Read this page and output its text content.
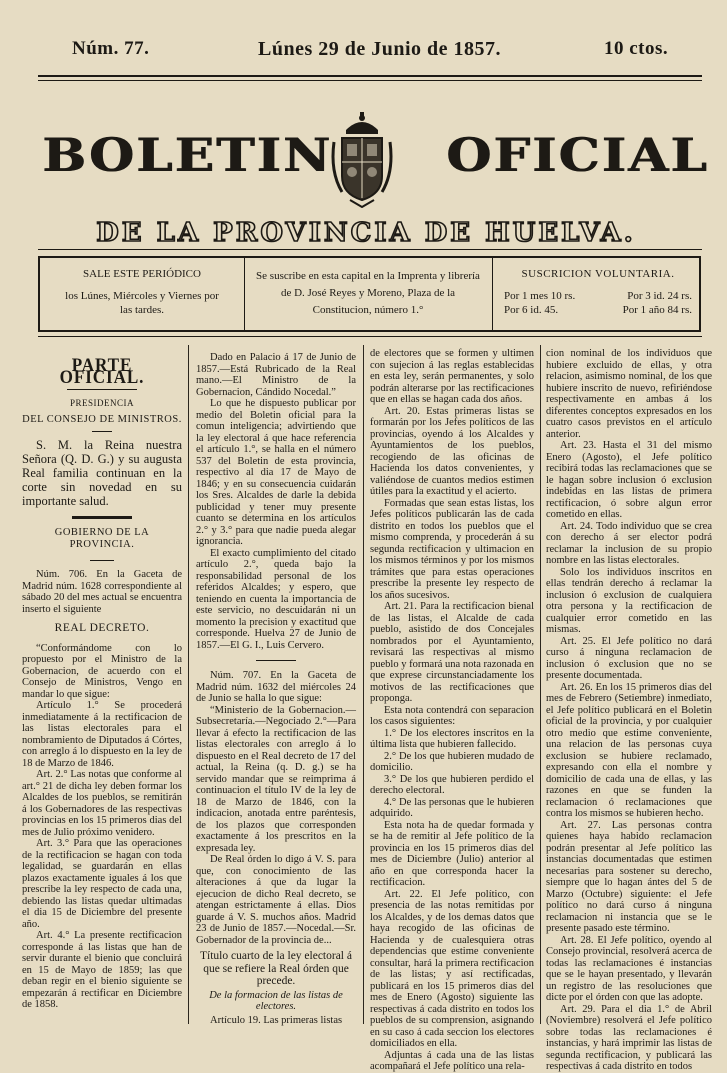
Núm. 77.	Lúnes 29 de Junio de 1857.	10 ctos.
BOLETIN OFICIAL
DE LA PROVINCIA DE HUELVA.
SALE ESTE PERIÓDICO
los Lúnes, Miércoles y Viernes por las tardes.
Se suscribe en esta capital en la Imprenta y librería de D. José Reyes y Moreno, Plaza de la Constitucion, número 1.°
SUSCRICION VOLUNTARIA.
Por 1 mes 10 rs.	Por 3 id. 24 rs.
Por 6 id. 45.	Por 1 año 84 rs.
PARTE OFICIAL.

PRESIDENCIA

DEL CONSEJO DE MINISTROS.

S. M. la Reina nuestra Señora (Q. D. G.) y su augusta Real familia continuan en la corte sin novedad en su importante salud.

GOBIERNO DE LA PROVINCIA.

Núm. 706. En la Gaceta de Madrid núm. 1628 correspondiente al sábado 20 del mes actual se encuentra inserto el siguiente

REAL DECRETO.

“Conformándome con lo propuesto por el Ministro de la Gobernacion, de acuerdo con el Consejo de Ministros, Vengo en mandar lo que sigue:

Artículo 1.° Se procederá inmediatamente á la rectificacion de las listas electorales para el nombramiento de Diputados á Córtes, con arreglo á lo dispuesto en la ley de 18 de Marzo de 1846.

Art. 2.° Las notas que conforme al art.° 21 de dicha ley deben formar los Alcaldes de los pueblos, se remitirán á los Gobernadores de las respectivas provincias en los 15 primeros dias del mes de Julio próximo venidero.

Art. 3.° Para que las operaciones de la rectificacion se hagan con toda legalidad, se guardarán en ellas plazos exactamente iguales á los que prescribe la ley respecto de cada una, debiendo las listas quedar ultimadas el dia 15 de Diciembre del presente año.

Art. 4.° La presente rectificacion corresponde á las listas que han de servir durante el bienio que concluirá en 15 de Mayo de 1859; las que deban regir en el bienio siguiente se empezarán á rectificar en Diciembre de 1858.

Dado en Palacio á 17 de Junio de 1857.—Está Rubricado de la Real mano.—El Ministro de la Gobernacion, Cándido Nocedal.”

Lo que he dispuesto publicar por medio del Boletin oficial para la comun inteligencia; advirtiendo que la ley electoral á que hace referencia el artículo 1.°, se halla en el número 537 del Boletin de esta provincia, respectivo al dia 17 de Mayo de 1846; y en su consecuencia cuidarán los Sres. Alcaldes de darle la debida publicidad y tener muy presente cuanto se determina en los artículos 2.° y 3.° para que nadie pueda alegar ignorancia.

El exacto cumplimiento del citado artículo 2.°, queda bajo la responsabilidad personal de los referidos Alcaldes; y espero, que teniendo en cuenta la importancia de este servicio, no descuidarán ni un momento la precision y exactitud que corresponde. Huelva 27 de Junio de 1857.—El G. I., Luis Cervero.

Núm. 707. En la Gaceta de Madrid núm. 1632 del miércoles 24 de Junio se halla lo que sigue:

“Ministerio de la Gobernacion.—Subsecretaría.—Negociado 2.°—Para llevar á efecto la rectificacion de las listas electorales con arreglo á lo dispuesto en el Real decreto de 17 del actual, la Reina (q. D. g.) se ha servido mandar que se reimprima á continuacion el título IV de la ley de 18 de Marzo de 1846, con la indicacion, anotada entre paréntesis, de los plazos que corresponden exactamente á los prescritos en la expresada ley.

De Real órden lo digo á V. S. para que, con conocimiento de las alteraciones á que da lugar la ejecucion de dicho Real decreto, se atengan estrictamente á ellas. Dios guarde á V. S. muchos años. Madrid 23 de Junio de 1857.—Nocedal.—Sr. Gobernador de la provincia de...

Título cuarto de la ley electoral á que se refiere la Real órden que precede.

De la formacion de las listas de electores.

Artículo 19. Las primeras listas

de electores que se formen y ultimen con sujecion á las reglas establecidas en esta ley, serán permanentes, y solo podrán alterarse por las rectificaciones que en ellas se hagan cada dos años.

Art. 20. Estas primeras listas se formarán por los Jefes políticos de las provincias, oyendo á los Alcaldes y Ayuntamientos de los pueblos, recogiendo de las oficinas de Hacienda los datos convenientes, y valiéndose de cuantos medios estimen útiles para la exactitud y el acierto.

Formadas que sean estas listas, los Jefes políticos publicarán las de cada distrito en todos los pueblos que el mismo comprenda, y procederán á su segunda rectificacion y ultimacion en los mismos términos y por los mismos trámites que para estas operaciones prescribe la presente ley respecto de los años sucesivos.

Art. 21. Para la rectificacion bienal de las listas, el Alcalde de cada pueblo, asistido de dos Concejales nombrados por el Ayuntamiento, revisará las respectivas al mismo pueblo y formará una nota razonada en que exprese circunstanciadamente los motivos de las rectificaciones que proponga.

Esta nota contendrá con separacion los casos siguientes:

1.° De los electores inscritos en la última lista que hubieren fallecido.

2.° De los que hubieren mudado de domicilio.

3.° De los que hubieren perdido el derecho electoral.

4.° De las personas que le hubieren adquirido.

Esta nota ha de quedar formada y se ha de remitir al Jefe político de la provincia en los 15 primeros dias del mes de Diciembre (Julio) anterior al año en que corresponda hacer la rectificacion.

Art. 22. El Jefe político, con presencia de las notas remitidas por los Alcaldes, y de los demas datos que haya recogido de las oficinas de Hacienda y de cualesquiera otras dependencias que estime conveniente consultar, hará la primera rectificacion de las listas; y así rectificadas, publicará en los 15 primeros dias del mes de Enero (Agosto) siguiente las respectivas á cada distrito en todos los pueblos de su comprension, asignando en su caso á cada seccion los electores domiciliados en ella.

Adjuntas á cada una de las listas acompañará el Jefe político una rela-

cion nominal de los individuos que hubiere excluido de ellas, y otra relacion, asimismo nominal, de los que hubiere inscrito de nuevo, refiriéndose respectivamente en ambas á los diferentes conceptos expresados en los cuatro casos previstos en el artículo anterior.

Art. 23. Hasta el 31 del mismo Enero (Agosto), el Jefe político recibirá todas las reclamaciones que se le hagan sobre inclusion ó exclusion indebidas en las listas de primera rectificacion, ó sobre algun error cometido en ellas.

Art. 24. Todo individuo que se crea con derecho á ser elector podrá reclamar la inclusion de su propio nombre en las listas electorales.

Solo los individuos inscritos en ellas tendrán derecho á reclamar la inclusion ó exclusion de cualquiera otra persona y la rectificacion de cualquier error cometido en las mismas.

Art. 25. El Jefe político no dará curso á ninguna reclamacion de inclusion ó exclusion que no se presente documentada.

Art. 26. En los 15 primeros dias del mes de Febrero (Setiembre) inmediato, el Jefe político publicará en el Boletin oficial de la provincia, y por cualquier otro medio que estime conveniente, una relacion de las personas cuya exclusion se hubiere reclamado, expresando con ella el nombre y domicilio de cada una de ellas, y las razones en que se funden la reclamacion ó reclamaciones que contra los mismos se hubieren hecho.

Art. 27. Las personas contra quienes haya habido reclamacion podrán presentar al Jefe político las instancias documentadas que estimen necesarias para sostener su derecho, siempre que lo hagan ántes del 5 de Marzo (Octubre) siguiente: el Jefe político no dará curso á ninguna reclamacion ni instancia que se le presente pasado este término.

Art. 28. El Jefe político, oyendo al Consejo provincial, resolverá acerca de todas las reclamaciones é instancias que se le hayan presentado, y llevarán un registro de las resoluciones que dicte por el órden con que las adopte.

Art. 29. Para el dia 1.° de Abril (Noviembre) resolverá el Jefe político sobre todas las reclamaciones é instancias, y hará imprimir las listas de segunda rectificacion, y publicará las respectivas á cada distrito en todos
